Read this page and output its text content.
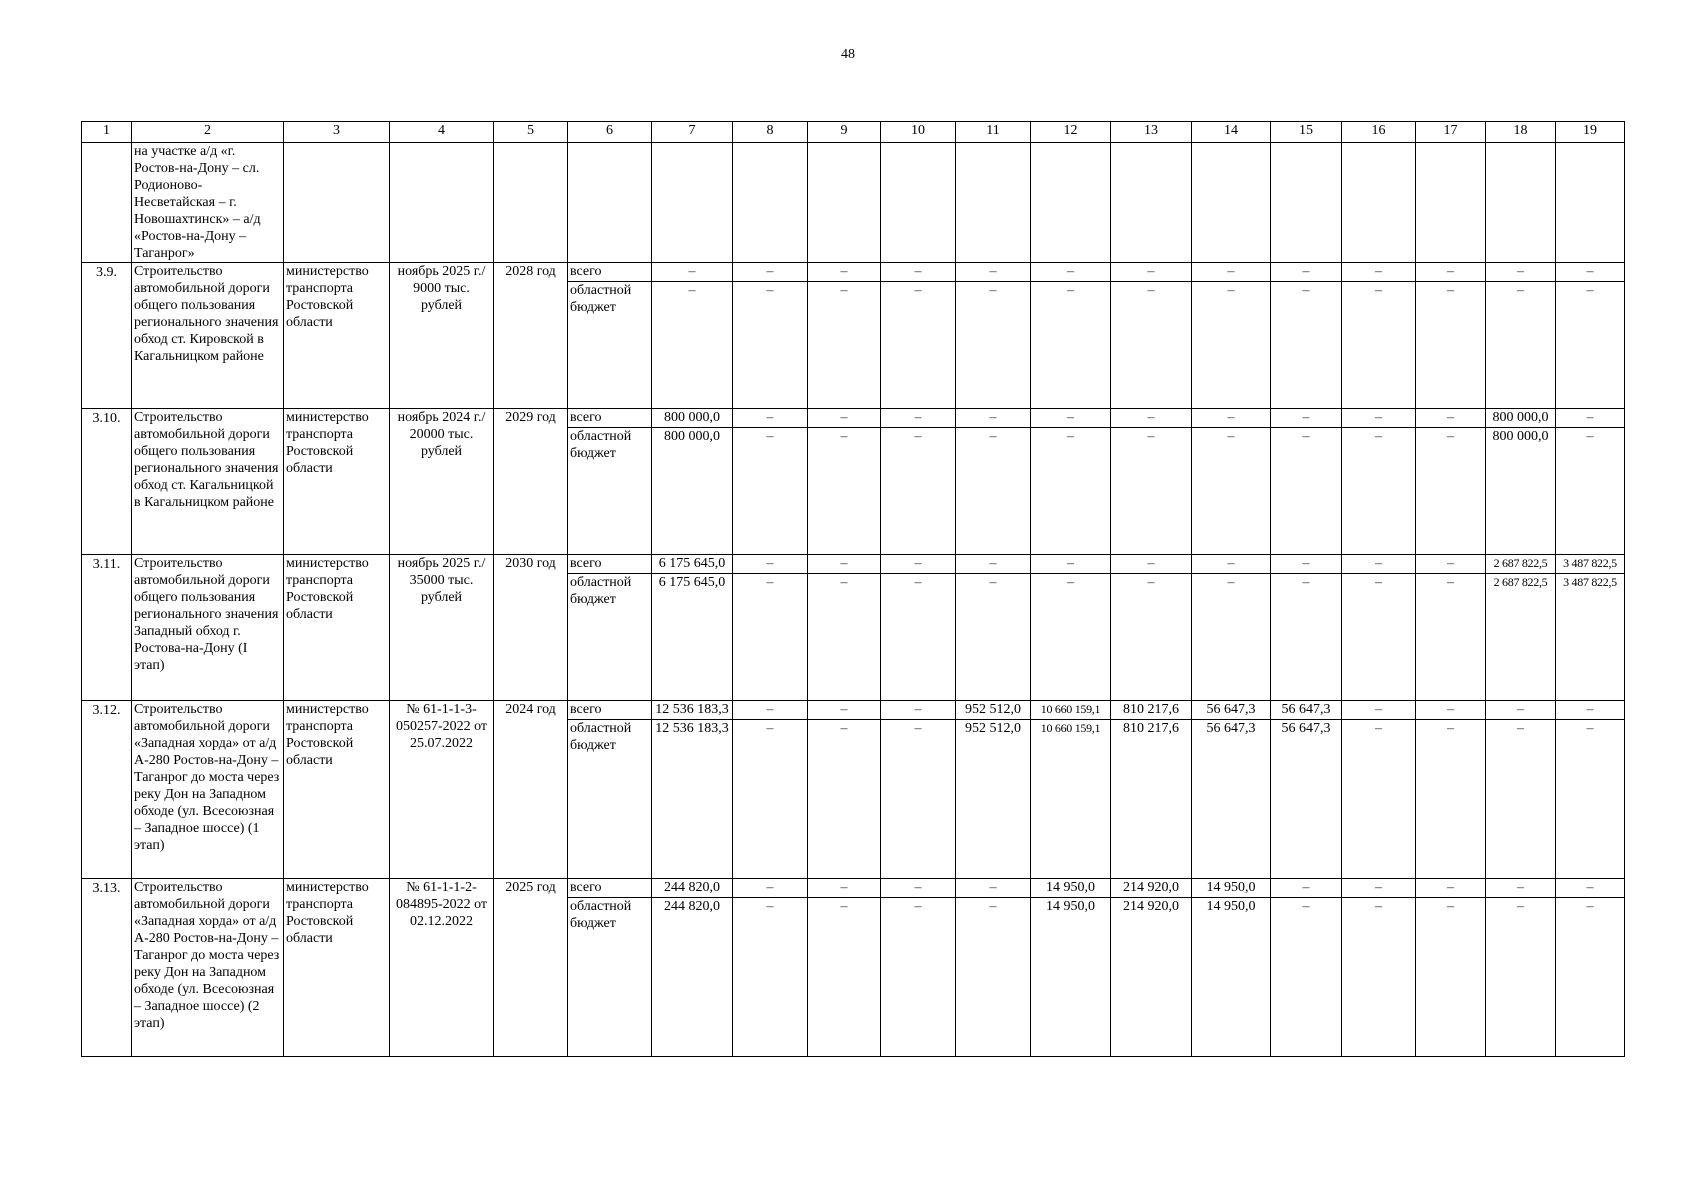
48
1	2	3	4	5	6	7	8	9	10	11	12	13	14	15	16	17	18	19
	на участке а/д «г. Ростов-на-Дону – сл. Родионово-Несветайская – г. Новошахтинск» – а/д «Ростов-на-Дону – Таганрог»																	
3.9.	Строительство автомобильной дороги общего пользования регионального значения обход ст. Кировской в Кагальницком районе	министерство транспорта Ростовской области	ноябрь 2025 г./ 9000 тыс. рублей	2028 год	всего	–	–	–	–	–	–	–	–	–	–	–	–	–
					областной бюджет	–	–	–	–	–	–	–	–	–	–	–	–	–
3.10.	Строительство автомобильной дороги общего пользования регионального значения обход ст. Кагальницкой в Кагальницком районе	министерство транспорта Ростовской области	ноябрь 2024 г./ 20000 тыс. рублей	2029 год	всего	800 000,0	–	–	–	–	–	–	–	–	–	–	800 000,0	–
					областной бюджет	800 000,0	–	–	–	–	–	–	–	–	–	–	800 000,0	–
3.11.	Строительство автомобильной дороги общего пользования регионального значения Западный обход г. Ростова-на-Дону (I этап)	министерство транспорта Ростовской области	ноябрь 2025 г./ 35000 тыс. рублей	2030 год	всего	6 175 645,0	–	–	–	–	–	–	–	–	–	–	2 687 822,5	3 487 822,5
					областной бюджет	6 175 645,0	–	–	–	–	–	–	–	–	–	–	2 687 822,5	3 487 822,5
3.12.	Строительство автомобильной дороги «Западная хорда» от а/д А-280 Ростов-на-Дону – Таганрог до моста через реку Дон на Западном обходе (ул. Всесоюзная – Западное шоссе) (1 этап)	министерство транспорта Ростовской области	№ 61-1-1-3-050257-2022 от 25.07.2022	2024 год	всего	12 536 183,3	–	–	–	952 512,0	10 660 159,1	810 217,6	56 647,3	56 647,3	–	–	–	–
					областной бюджет	12 536 183,3	–	–	–	952 512,0	10 660 159,1	810 217,6	56 647,3	56 647,3	–	–	–	–
3.13.	Строительство автомобильной дороги «Западная хорда» от а/д А-280 Ростов-на-Дону – Таганрог до моста через реку Дон на Западном обходе (ул. Всесоюзная – Западное шоссе) (2 этап)	министерство транспорта Ростовской области	№ 61-1-1-2-084895-2022 от 02.12.2022	2025 год	всего	244 820,0	–	–	–	–	14 950,0	214 920,0	14 950,0	–	–	–	–	–
					областной бюджет	244 820,0	–	–	–	–	14 950,0	214 920,0	14 950,0	–	–	–	–	–
